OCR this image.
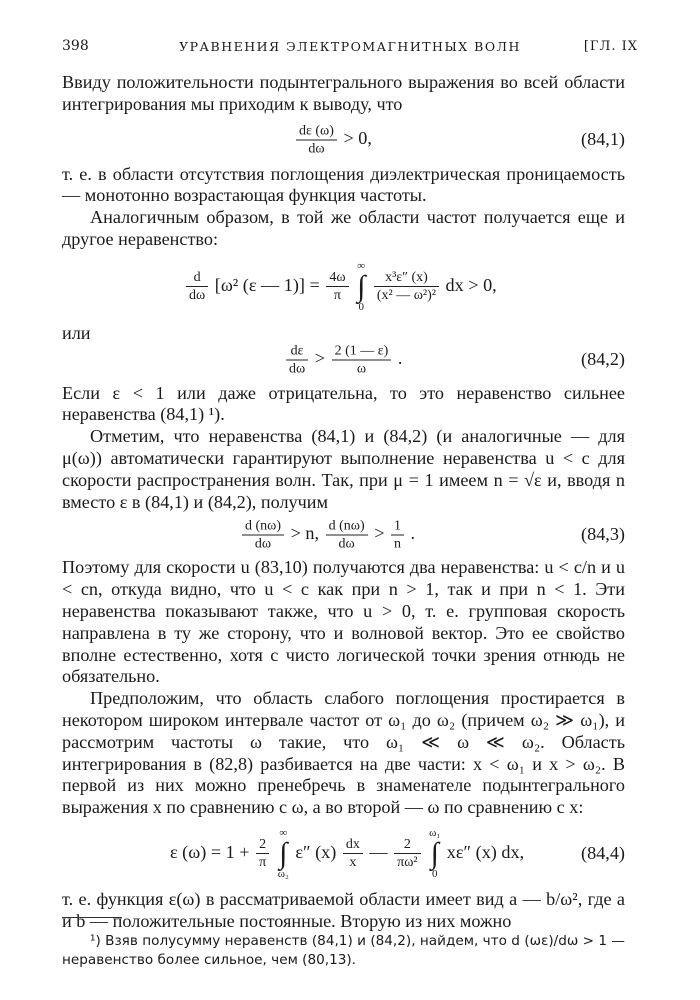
398	УРАВНЕНИЯ ЭЛЕКТРОМАГНИТНЫХ ВОЛН	[ГЛ. IX

Ввиду положительности подынтегрального выражения во всей области интегрирования мы приходим к выводу, что

$\frac{d\varepsilon (\omega)}{d\omega} > 0$,	(84,1)

т. е. в области отсутствия поглощения диэлектрическая проницаемость — монотонно возрастающая функция частоты.

Аналогичным образом, в той же области частот получается еще и другое неравенство:

$\frac{d}{d\omega} [\omega^2$ (ε — $1)] = \frac{4\omega}{\pi}$
∞
∫
0
$\frac{\text{x³ε″ (x)}}{\text{(x² — ω²)²}}$ dx > 0,

или

$\frac{d\varepsilon}{d\omega} > \frac{2 (1 — \varepsilon)}{\omega}$ .	(84,2)

Если ε < 1 или даже отрицательна, то это неравенство сильнее неравенства (84,1) ¹).

Отметим, что неравенства (84,1) и (84,2) (и аналогичные — для μ(ω)) автоматически гарантируют выполнение неравенства u < c для скорости распространения волн. Так, при μ = 1 имеем n = √ε и, вводя n вместо ε в (84,1) и (84,2), получим

$\frac{d (n\omega)}{d\omega} > n$, $\frac{d (n\omega)}{d\omega} > \frac{1}{n}$ .	(84,3)

Поэтому для скорости u (83,10) получаются два неравенства: u < c/n и u < cn, откуда видно, что u < c как при n > 1, так и при n < 1. Эти неравенства показывают также, что u > 0, т. е. групповая скорость направлена в ту же сторону, что и волновой вектор. Это ее свойство вполне естественно, хотя с чисто логической точки зрения отнюдь не обязательно.

Предположим, что область слабого поглощения простирается в некотором широком интервале частот от ω₁ до ω₂ (причем ω₂ ≫ ω₁), и рассмотрим частоты ω такие, что ω₁ ≪ ω ≪ ω₂. Область интегрирования в (82,8) разбивается на две части: x < ω₁ и x > ω₂. В первой из них можно пренебречь в знаменателе подынтегрального выражения x по сравнению с ω, а во второй — ω по сравнению с x:

ε $(\omega) = 1 + \frac{2}{\pi}$
∞
∫
ω₂ ε″ $(x) \frac{dx}{x}$ — $\frac{2}{\text{πω²}}$
ω₁
∫
0 xε″ (x) dx,	(84,4)

т. е. функция ε(ω) в рассматриваемой области имеет вид a — b/ω², где a и b — положительные постоянные. Вторую из них можно

¹) Взяв полусумму неравенств (84,1) и (84,2), найдем, что d (ωε)/dω > 1 — неравенство более сильное, чем (80,13).
